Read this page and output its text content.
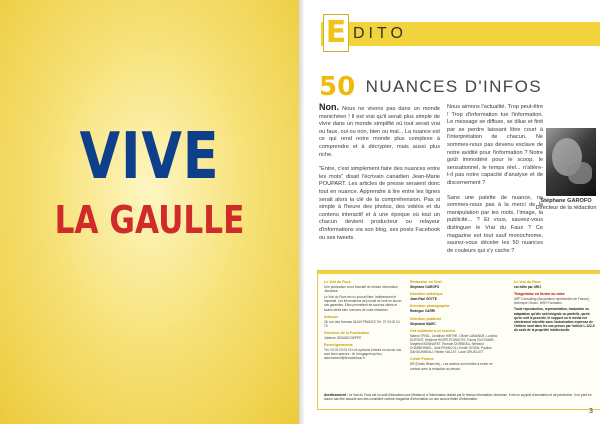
VIVE
LA GAULLE
E DITO
50 NUANCES D'INFOS

Non. Nous ne vivons pas dans un monde manichéen ! Il est vrai qu'il serait plus simple de vivre dans un monde simplifié où tout serait vrai ou faux, oui ou non, bien ou mal... La nuance est ce qui rend notre monde plus complexe à comprendre et à décrypter, mais aussi plus riche.

"Entre, c'est simplement faire des nuances entre les mots" disait l'écrivain canadien Jean-Marie POUPART. Les articles de presse seraient donc tout en nuance. Apprendre à lire entre les lignes serait alors la clé de la compréhension. Pas si simple à l'heure des photos, des vidéos et du contenu interactif et à une époque où tout un chacun devient producteur ou relayeur d'informations via son blog, ses posts Facebook ou ses tweets.

Nous aimons l'actualité. Trop peut-être ! Trop d'information tue l'information. Le message se diffuse, se dilue et finit par se perdre laissant libre court à l'interprétation de chacun. Ne sommes-nous pas devenu esclave de notre avidité pour l'information ? Notre goût immodéré pour le scoop, le sensationnel, le temps réel... n'altère-t-il pas notre capacité d'analyse et de discernement ?

Sans une palette de nuance, ne sommes-nous pas à la merci de la manipulation par les mots, l'image, la publicité... ? Et vous, sauvez-vous distinguer le Vrai du Faux ? Ce magazine est tout sauf monochrome, saurez-vous déceler les 50 nuances de couleurs qui s'y cache ?

Stéphane GAROFO
Directeur de la rédaction
Le Vrai du Faux

Une publication à but éducatif du réseau Information Jeunesse.

Le Vrai du Faux est un journal libre, indépendant et impartial. Les informations de journal ne sont en aucun cas garanties. Elles permettent de sources citées et toutes idées bien connues de votre rédaction.

Adresse

28, rue des Harmas 34160 PRADES Tél. 07 03 00 04 79

Directeur de la Publication

Julienne GRANDCHEPPE

Renseignements

Tél. 03 03 03 03 03 Les opinions émises en aucun cas sont leurs auteurs ; ils n'engagent qu'eux. abonnement@levraidufaux.fr

Rédacteur en Chef

Stéphane GAROFO

Direction artistique

Jean-Paul GOTTE

Direction photographie

Rodrigue CARRI

Direction publicité

Stéphanie MARC

Ont collaboré à ce numéro

Marion TRIOL, Jonathan HIRTHE, Olivier LAMANDE, Ludovic DUPONT, Delphine BOSPI-POINSOTE, Fanny GUYOMAR, Siegfried BONNAFET, Romain DORBEAU, Bertrand CHARBONNEL, Julie FRANCOLI, Emilie GODIN, Pauline DANOUNNEAU, Fabien VALLET, Lucie GRUELLET

Crédit Photos

DR (Droits Réservés) - Les auteurs sont invités à entrer en contact avec la rédaction au besoin.

Le Vrai du Faux

est édité par URIJ

Tirage/mise en forme ou mise

ARP Consulting (Association représentée de France), Artémyne Obuzo, MSR Fondation

Toute reproduction, représentation, traduction ou adaptation qu'elle soit intégrale ou partielle, quels qu'en soit le procédé, le support ou le média est strictement interdite sans l'autorisation expresse de l'éditeur sauf dans les cas prévus par l'article L.122-5 du code de la propriété intellectuelle.

Avertissement : Le Vrai du Faux est un outil d'éducation aux Médias et à l'information réalisé par le réseau Information Jeunesse. Il est un support d'animation et de prévention. Il ne peut en aucun cas être associé aux des considéré comme magazine d'information ou une source fiable d'information.
3
